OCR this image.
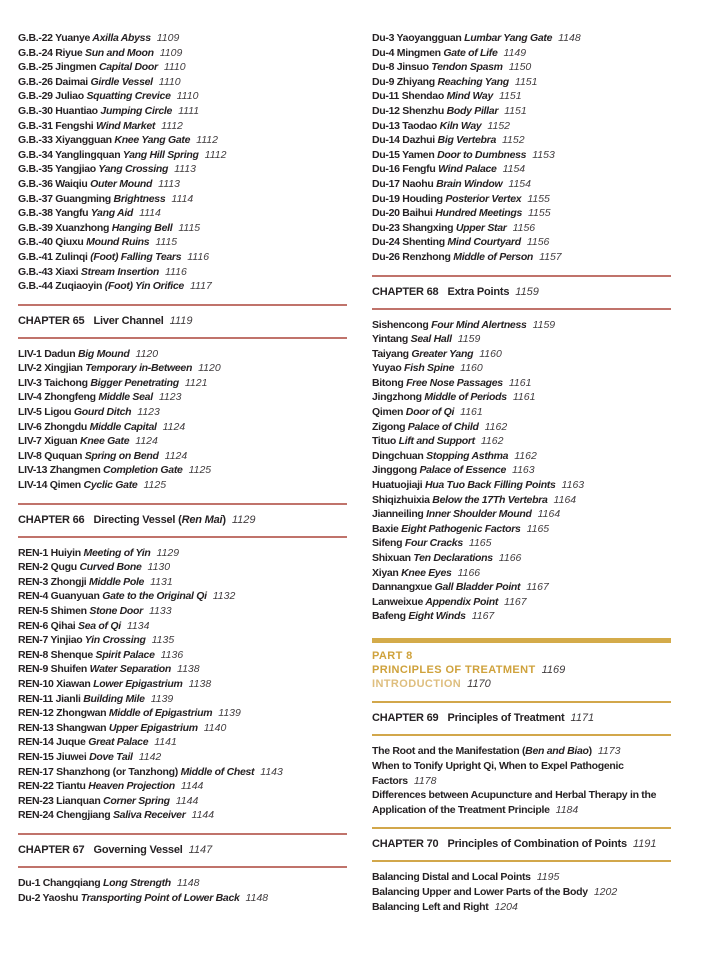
G.B.-22 Yuanye Axilla Abyss 1109
G.B.-24 Riyue Sun and Moon 1109
G.B.-25 Jingmen Capital Door 1110
G.B.-26 Daimai Girdle Vessel 1110
G.B.-29 Juliao Squatting Crevice 1110
G.B.-30 Huantiao Jumping Circle 1111
G.B.-31 Fengshi Wind Market 1112
G.B.-33 Xiyangguan Knee Yang Gate 1112
G.B.-34 Yanglingquan Yang Hill Spring 1112
G.B.-35 Yangjiao Yang Crossing 1113
G.B.-36 Waiqiu Outer Mound 1113
G.B.-37 Guangming Brightness 1114
G.B.-38 Yangfu Yang Aid 1114
G.B.-39 Xuanzhong Hanging Bell 1115
G.B.-40 Qiuxu Mound Ruins 1115
G.B.-41 Zulinqi (Foot) Falling Tears 1116
G.B.-43 Xiaxi Stream Insertion 1116
G.B.-44 Zuqiaoyin (Foot) Yin Orifice 1117
CHAPTER 65 Liver Channel 1119
LIV-1 Dadun Big Mound 1120
LIV-2 Xingjian Temporary in-Between 1120
LIV-3 Taichong Bigger Penetrating 1121
LIV-4 Zhongfeng Middle Seal 1123
LIV-5 Ligou Gourd Ditch 1123
LIV-6 Zhongdu Middle Capital 1124
LIV-7 Xiguan Knee Gate 1124
LIV-8 Ququan Spring on Bend 1124
LIV-13 Zhangmen Completion Gate 1125
LIV-14 Qimen Cyclic Gate 1125
CHAPTER 66 Directing Vessel (Ren Mai) 1129
REN-1 Huiyin Meeting of Yin 1129
REN-2 Qugu Curved Bone 1130
REN-3 Zhongji Middle Pole 1131
REN-4 Guanyuan Gate to the Original Qi 1132
REN-5 Shimen Stone Door 1133
REN-6 Qihai Sea of Qi 1134
REN-7 Yinjiao Yin Crossing 1135
REN-8 Shenque Spirit Palace 1136
REN-9 Shuifen Water Separation 1138
REN-10 Xiawan Lower Epigastrium 1138
REN-11 Jianli Building Mile 1139
REN-12 Zhongwan Middle of Epigastrium 1139
REN-13 Shangwan Upper Epigastrium 1140
REN-14 Juque Great Palace 1141
REN-15 Jiuwei Dove Tail 1142
REN-17 Shanzhong (or Tanzhong) Middle of Chest 1143
REN-22 Tiantu Heaven Projection 1144
REN-23 Lianquan Corner Spring 1144
REN-24 Chengjiang Saliva Receiver 1144
CHAPTER 67 Governing Vessel 1147
Du-1 Changqiang Long Strength 1148
Du-2 Yaoshu Transporting Point of Lower Back 1148
Du-3 Yaoyangguan Lumbar Yang Gate 1148
Du-4 Mingmen Gate of Life 1149
Du-8 Jinsuo Tendon Spasm 1150
Du-9 Zhiyang Reaching Yang 1151
Du-11 Shendao Mind Way 1151
Du-12 Shenzhu Body Pillar 1151
Du-13 Taodao Kiln Way 1152
Du-14 Dazhui Big Vertebra 1152
Du-15 Yamen Door to Dumbness 1153
Du-16 Fengfu Wind Palace 1154
Du-17 Naohu Brain Window 1154
Du-19 Houding Posterior Vertex 1155
Du-20 Baihui Hundred Meetings 1155
Du-23 Shangxing Upper Star 1156
Du-24 Shenting Mind Courtyard 1156
Du-26 Renzhong Middle of Person 1157
CHAPTER 68 Extra Points 1159
Sishencong Four Mind Alertness 1159
Yintang Seal Hall 1159
Taiyang Greater Yang 1160
Yuyao Fish Spine 1160
Bitong Free Nose Passages 1161
Jingzhong Middle of Periods 1161
Qimen Door of Qi 1161
Zigong Palace of Child 1162
Tituo Lift and Support 1162
Dingchuan Stopping Asthma 1162
Jinggong Palace of Essence 1163
Huatuojiaji Hua Tuo Back Filling Points 1163
Shiqizhuixia Below the 17Th Vertebra 1164
Jianneiling Inner Shoulder Mound 1164
Baxie Eight Pathogenic Factors 1165
Sifeng Four Cracks 1165
Shixuan Ten Declarations 1166
Xiyan Knee Eyes 1166
Dannangxue Gall Bladder Point 1167
Lanweixue Appendix Point 1167
Bafeng Eight Winds 1167
PART 8
PRINCIPLES OF TREATMENT 1169
INTRODUCTION 1170
CHAPTER 69 Principles of Treatment 1171
The Root and the Manifestation (Ben and Biao) 1173
When to Tonify Upright Qi, When to Expel Pathogenic Factors 1178
Differences between Acupuncture and Herbal Therapy in the Application of the Treatment Principle 1184
CHAPTER 70 Principles of Combination of Points 1191
Balancing Distal and Local Points 1195
Balancing Upper and Lower Parts of the Body 1202
Balancing Left and Right 1204
